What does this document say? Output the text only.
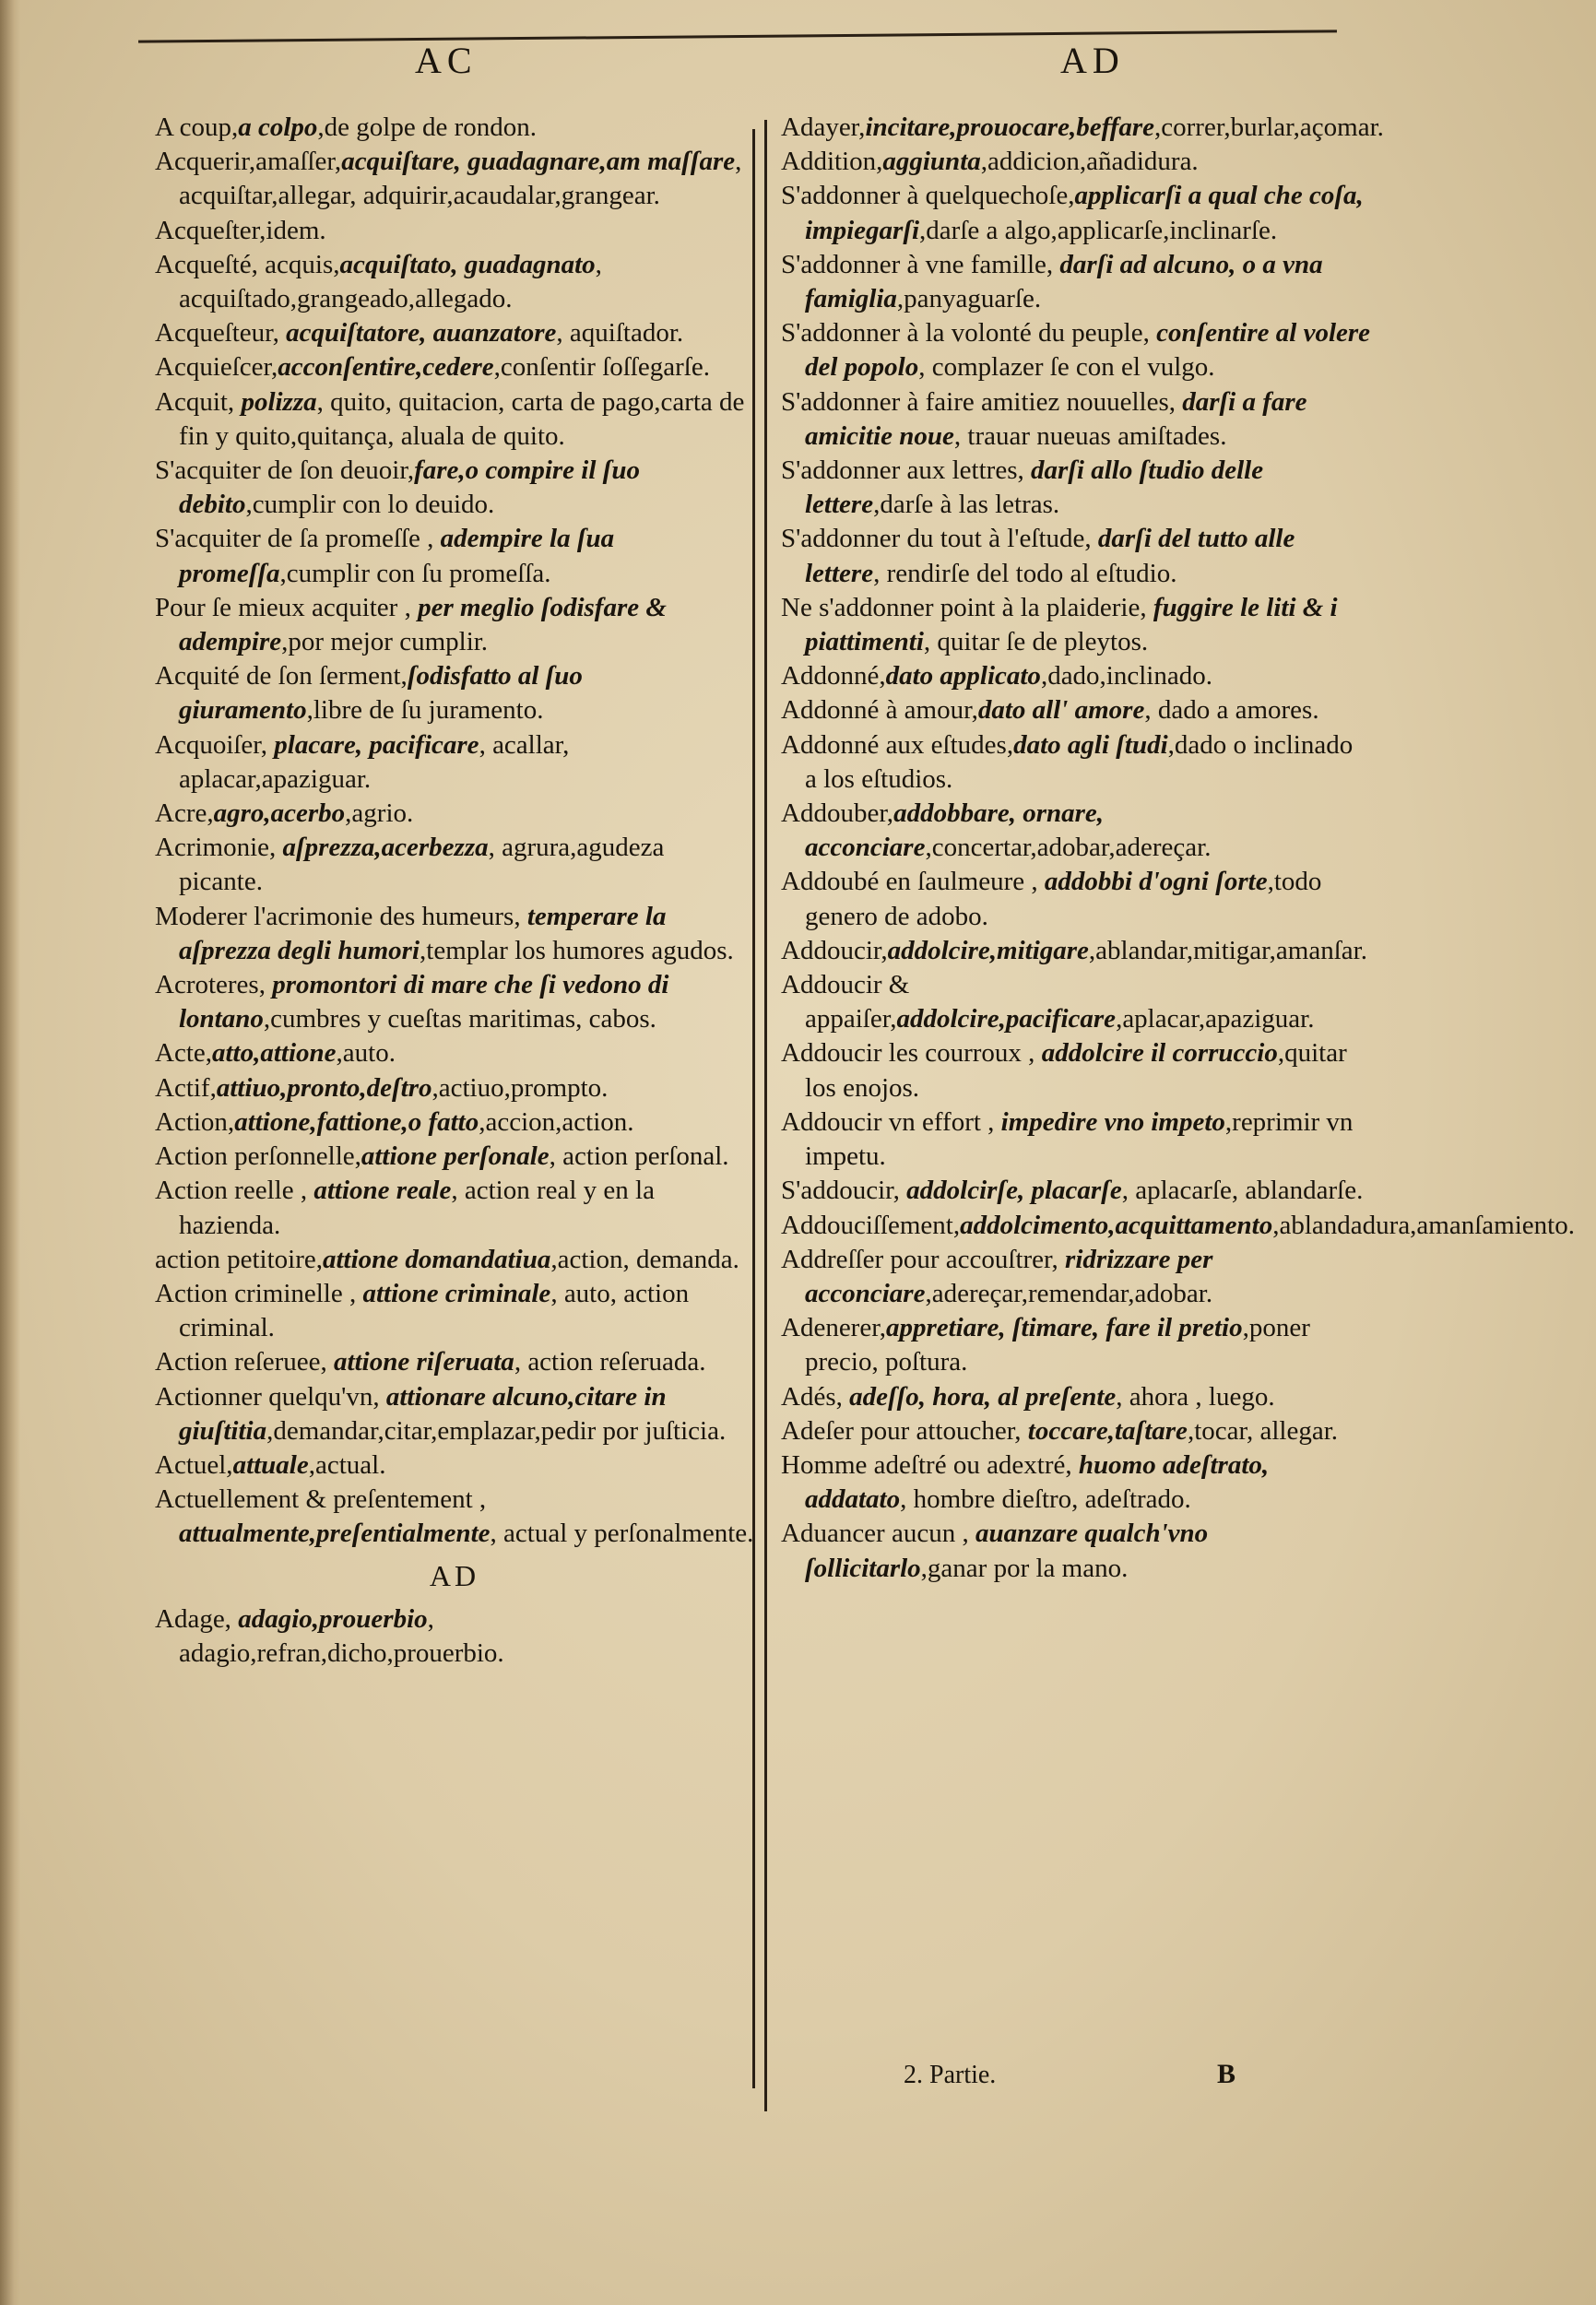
AC	AD

A coup,a colpo,de golpe de rondon.

Acquerir,amaſſer,acquiſtare, guadagnare,am maſſare, acquiſtar,allegar, adquirir,acaudalar,grangear.

Acqueſter,idem.

Acqueſté, acquis,acquiſtato, guadagnato, acquiſtado,grangeado,allegado.

Acqueſteur, acquiſtatore, auanzatore, aquiſtador.

Acquieſcer,acconſentire,cedere,conſentir ſoſſegarſe.

Acquit, polizza, quito, quitacion, carta de pago,carta de fin y quito,quitança, aluala de quito.

S'acquiter de ſon deuoir,fare,o compire il ſuo debito,cumplir con lo deuido.

S'acquiter de ſa promeſſe , adempire la ſua promeſſa,cumplir con ſu promeſſa.

Pour ſe mieux acquiter , per meglio ſodisfare & adempire,por mejor cumplir.

Acquité de ſon ſerment,ſodisfatto al ſuo giuramento,libre de ſu juramento.

Acquoiſer, placare, pacificare, acallar, aplacar,apaziguar.

Acre,agro,acerbo,agrio.

Acrimonie, aſprezza,acerbezza, agrura,agudeza picante.

Moderer l'acrimonie des humeurs, temperare la aſprezza degli humori,templar los humores agudos.

Acroteres, promontori di mare che ſi vedono di lontano,cumbres y cueſtas maritimas, cabos.

Acte,atto,attione,auto.

Actif,attiuo,pronto,deſtro,actiuo,prompto.

Action,attione,fattione,o fatto,accion,action.

Action perſonnelle,attione perſonale, action perſonal.

Action reelle , attione reale, action real y en la hazienda.

action petitoire,attione domandatiua,action, demanda.

Action criminelle , attione criminale, auto, action criminal.

Action reſeruee, attione riſeruata, action reſeruada.

Actionner quelqu'vn, attionare alcuno,citare in giuſtitia,demandar,citar,emplazar,pedir por juſticia.

Actuel,attuale,actual.

Actuellement & preſentement , attualmente,preſentialmente, actual y perſonalmente.

AD

Adage, adagio,prouerbio, adagio,refran,dicho,prouerbio.

Adayer,incitare,prouocare,beffare,correr,burlar,açomar.

Addition,aggiunta,addicion,añadidura.

S'addonner à quelquechoſe,applicarſi a qual che coſa, impiegarſi,darſe a algo,applicarſe,inclinarſe.

S'addonner à vne famille, darſi ad alcuno, o a vna famiglia,panyaguarſe.

S'addonner à la volonté du peuple, conſentire al volere del popolo, complazer ſe con el vulgo.

S'addonner à faire amitiez nouuelles, darſi a fare amicitie noue, trauar nueuas amiſtades.

S'addonner aux lettres, darſi allo ſtudio delle lettere,darſe à las letras.

S'addonner du tout à l'eſtude, darſi del tutto alle lettere, rendirſe del todo al eſtudio.

Ne s'addonner point à la plaiderie, fuggire le liti & i piattimenti, quitar ſe de pleytos.

Addonné,dato applicato,dado,inclinado.

Addonné à amour,dato all' amore, dado a amores.

Addonné aux eſtudes,dato agli ſtudi,dado o inclinado a los eſtudios.

Addouber,addobbare, ornare, acconciare,concertar,adobar,adereçar.

Addoubé en ſaulmeure , addobbi d'ogni ſorte,todo genero de adobo.

Addoucir,addolcire,mitigare,ablandar,mitigar,amanſar.

Addoucir & appaiſer,addolcire,pacificare,aplacar,apaziguar.

Addoucir les courroux , addolcire il corruccio,quitar los enojos.

Addoucir vn effort , impedire vno impeto,reprimir vn impetu.

S'addoucir, addolcirſe, placarſe, aplacarſe, ablandarſe.

Addouciſſement,addolcimento,acquittamento,ablandadura,amanſamiento.

Addreſſer pour accouſtrer, ridrizzare per acconciare,adereçar,remendar,adobar.

Adenerer,appretiare, ſtimare, fare il pretio,poner precio, poſtura.

Adés, adeſſo, hora, al preſente, ahora , luego.

Adeſer pour attoucher, toccare,taſtare,tocar, allegar.

Homme adeſtré ou adextré, huomo adeſtrato, addatato, hombre dieſtro, adeſtrado.

Aduancer aucun , auanzare qualch'vno ſollicitarlo,ganar por la mano.

2. Partie.	B
